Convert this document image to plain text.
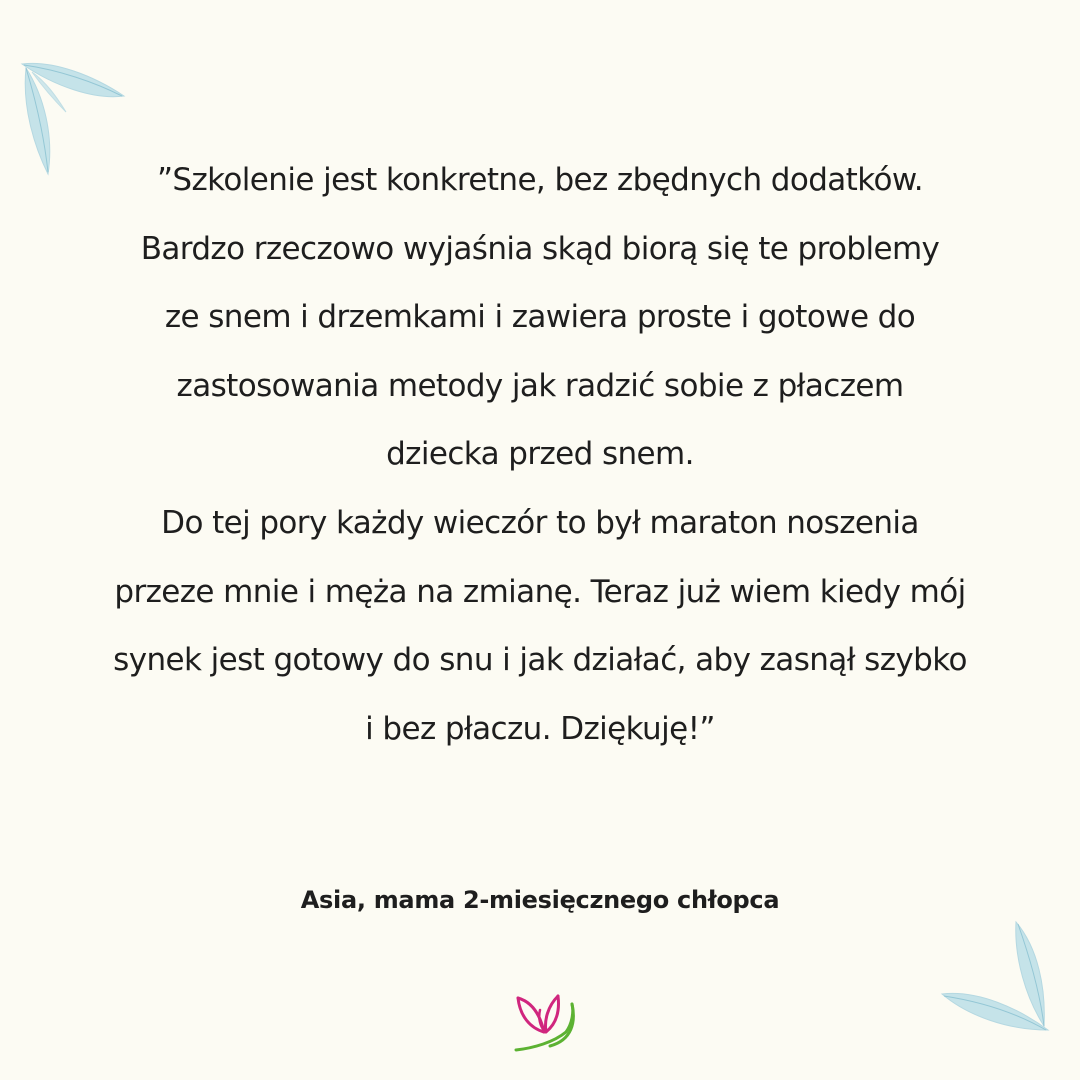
”Szkolenie jest konkretne, bez zbędnych dodatków.
Bardzo rzeczowo wyjaśnia skąd biorą się te problemy
ze snem i drzemkami i zawiera proste i gotowe do
zastosowania metody jak radzić sobie z płaczem
dziecka przed snem.
Do tej pory każdy wieczór to był maraton noszenia
przeze mnie i męża na zmianę. Teraz już wiem kiedy mój
synek jest gotowy do snu i jak działać, aby zasnął szybko
i bez płaczu. Dziękuję!”
Asia, mama 2-miesięcznego chłopca
